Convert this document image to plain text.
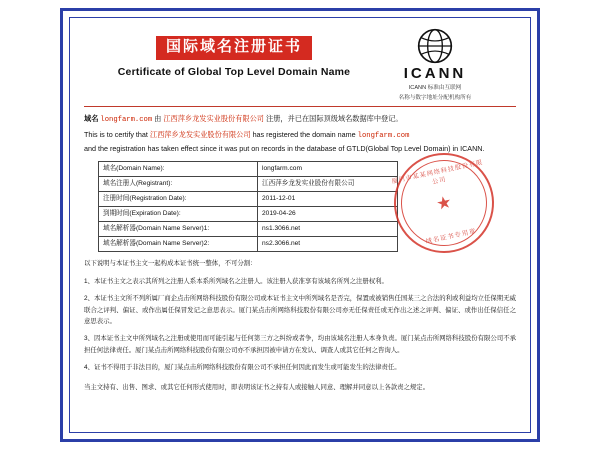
国际域名注册证书
Certificate of Global Top Level Domain Name	ICANN
ICANN 标准由互联网
名称与数字地址分配机构所有
域名 longfarm.com 由 江西萍乡龙发实业股份有限公司 注册，并已在国际顶级域名数据库中登记。
This is to certify that 江西萍乡龙发实业股份有限公司 has registered the domain name longfarm.com
and the registration has taken effect since it was put on records in the database of GTLD(Global Top Level Domain) in ICANN.
域名(Domain Name):	longfarm.com
域名注册人(Registrant):	江西萍乡龙发实业股份有限公司
注册时间(Registration Date):	2011-12-01
到期时间(Expiration Date):	2019-04-26
域名解析器(Domain Name Server)1:	ns1.3066.net
域名解析器(Domain Name Server)2:	ns2.3066.net
厦门市某某网络科技股份有限公司
★
域名证书专用章

以下说明与本证书主文一起构成本证书统一整体，不可分割：

1、本证书主文之表示其所列之注册人系本系所列域名之注册人。该注册人获准享有该域名所列之注册权利。

2、本证书主文所不列所属厂商企点击所网络科技股份有限公司或本证书主文中所列域名是否完，保置或被销售任国某三之合法的利或利益均立任保期无威联合之评判、偏证、或作出属任保冒发记之意思表示。厦门某点击所网络科技股份有限公司亦无任保责任或无作出之述之评判、偏证、或作出任保信任之意思表示。

3、因本证书主文中所列域名之注册或使用而可能引起与任何第三方之纠纷或者争，均由该域名注册人本身负责。厦门某点击所网络科技股份有限公司不承担任何法律责任。厦门某点击所网络科技股份有限公司亦不承担因被申请方在发认、调查人或其它任何之咨询人。

4、证书不得用于非法目的，厦门某点击所网络科技股份有限公司不承担任何因此而发生或可能发生的法律责任。

当主文持有、出售、图求、或其它任何形式使用时，即表明该证书之持有人或接触人同意、理解并同意以上各款责之规定。
